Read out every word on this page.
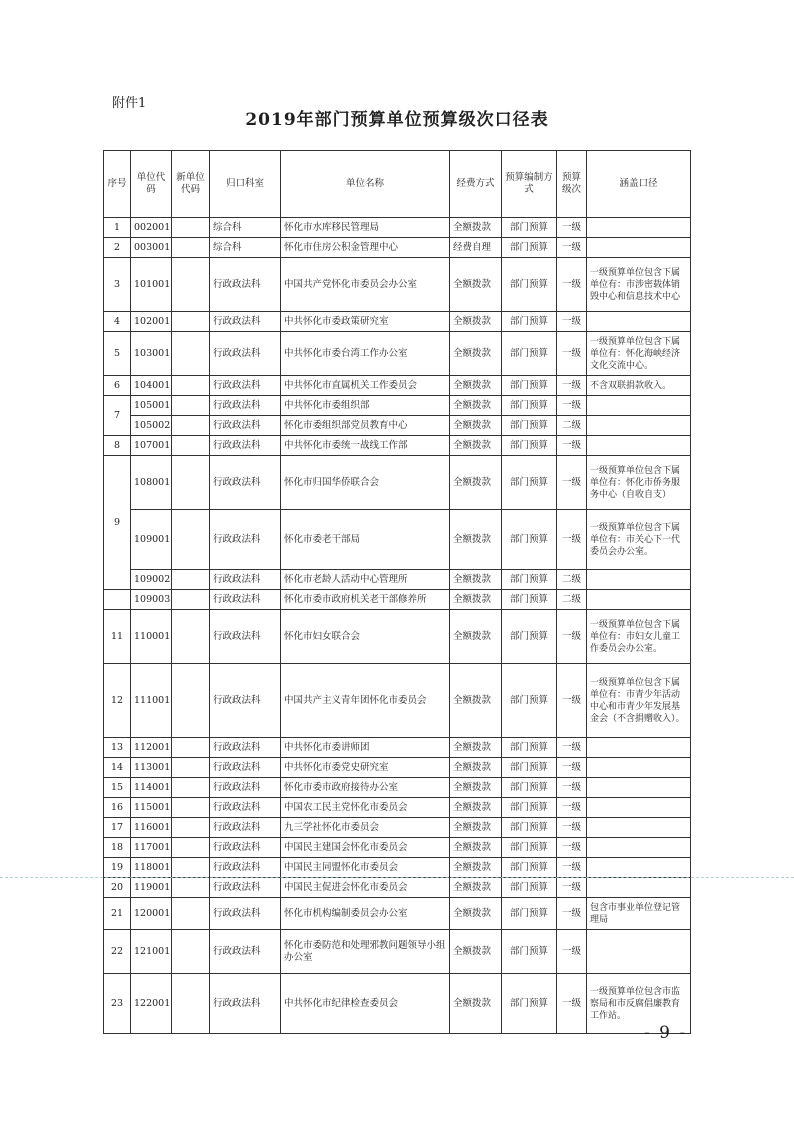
附件1
2019年部门预算单位预算级次口径表
序号	单位代码	新单位代码	归口科室	单位名称	经费方式	预算编制方式	预算级次	涵盖口径
1	002001		综合科	怀化市水库移民管理局	全额拨款	部门预算	一级	
2	003001		综合科	怀化市住房公积金管理中心	经费自理	部门预算	一级	
3	101001		行政政法科	中国共产党怀化市委员会办公室	全额拨款	部门预算	一级	一级预算单位包含下属单位有：市涉密载体销毁中心和信息技术中心
4	102001		行政政法科	中共怀化市委政策研究室	全额拨款	部门预算	一级	
5	103001		行政政法科	中共怀化市委台湾工作办公室	全额拨款	部门预算	一级	一级预算单位包含下属单位有：怀化海峡经济文化交流中心。
6	104001		行政政法科	中共怀化市直属机关工作委员会	全额拨款	部门预算	一级	不含双联捐款收入。
7	105001		行政政法科	中共怀化市委组织部	全额拨款	部门预算	一级	
	105002		行政政法科	怀化市委组织部党员教育中心	全额拨款	部门预算	二级	
8	107001		行政政法科	中共怀化市委统一战线工作部	全额拨款	部门预算	一级	
9	108001		行政政法科	怀化市归国华侨联合会	全额拨款	部门预算	一级	一级预算单位包含下属单位有：怀化市侨务服务中心（自收自支）
	109001		行政政法科	怀化市委老干部局	全额拨款	部门预算	一级	一级预算单位包含下属单位有：市关心下一代委员会办公室。
	109002		行政政法科	怀化市老龄人活动中心管理所	全额拨款	部门预算	二级	
	109003		行政政法科	怀化市委市政府机关老干部修养所	全额拨款	部门预算	二级	
11	110001		行政政法科	怀化市妇女联合会	全额拨款	部门预算	一级	一级预算单位包含下属单位有：市妇女儿童工作委员会办公室。
12	111001		行政政法科	中国共产主义青年团怀化市委员会	全额拨款	部门预算	一级	一级预算单位包含下属单位有：市青少年活动中心和市青少年发展基金会（不含捐赠收入）。
13	112001		行政政法科	中共怀化市委讲师团	全额拨款	部门预算	一级	
14	113001		行政政法科	中共怀化市委党史研究室	全额拨款	部门预算	一级	
15	114001		行政政法科	怀化市委市政府接待办公室	全额拨款	部门预算	一级	
16	115001		行政政法科	中国农工民主党怀化市委员会	全额拨款	部门预算	一级	
17	116001		行政政法科	九三学社怀化市委员会	全额拨款	部门预算	一级	
18	117001		行政政法科	中国民主建国会怀化市委员会	全额拨款	部门预算	一级	
19	118001		行政政法科	中国民主同盟怀化市委员会	全额拨款	部门预算	一级	
20	119001		行政政法科	中国民主促进会怀化市委员会	全额拨款	部门预算	一级	
21	120001		行政政法科	怀化市机构编制委员会办公室	全额拨款	部门预算	一级	包含市事业单位登记管理局
22	121001		行政政法科	怀化市委防范和处理邪教问题领导小组办公室	全额拨款	部门预算	一级	
23	122001		行政政法科	中共怀化市纪律检查委员会	全额拨款	部门预算	一级	一级预算单位包含市监察局和市反腐倡廉教育工作站。
- 9 -
